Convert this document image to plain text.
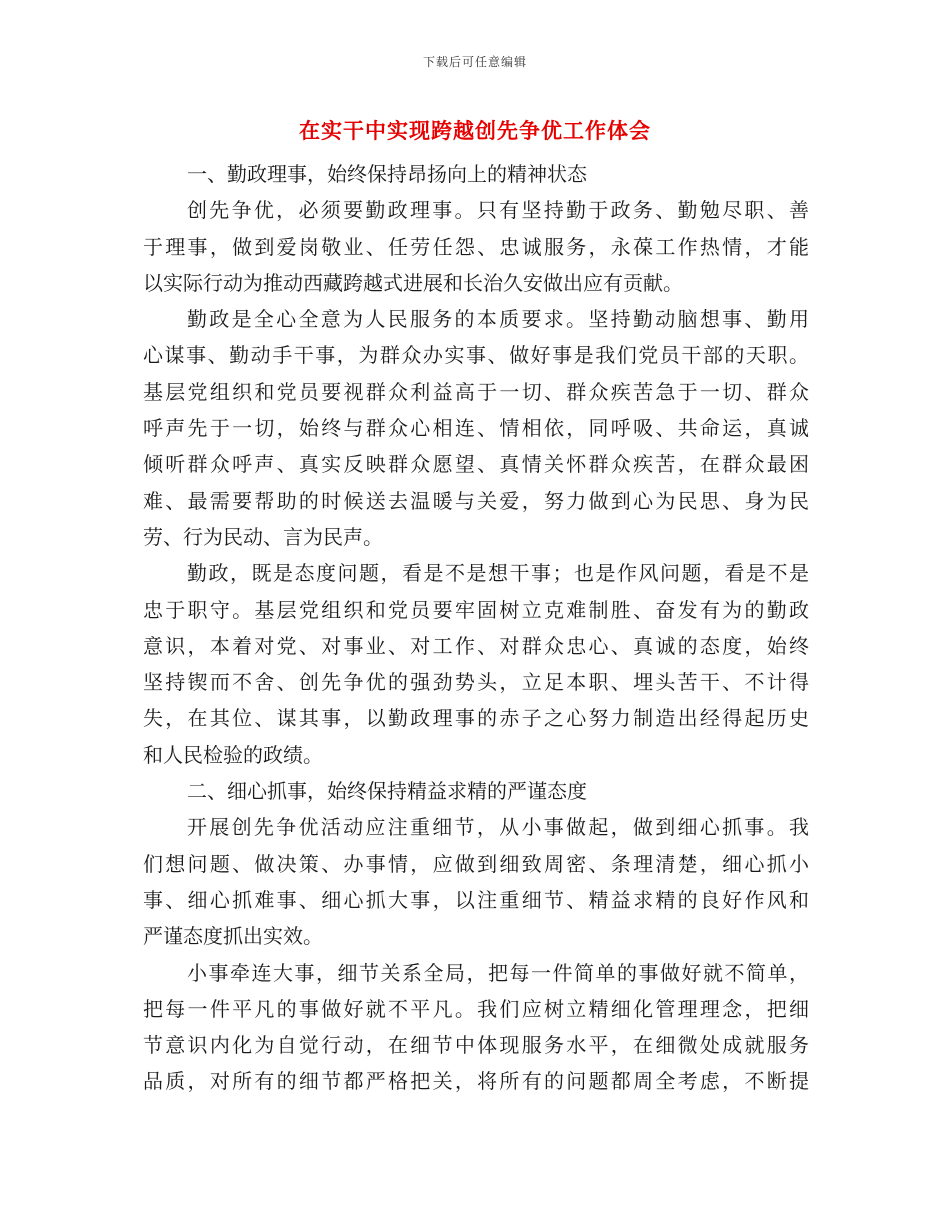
下载后可任意编辑
在实干中实现跨越创先争优工作体会
一、勤政理事，始终保持昂扬向上的精神状态
创先争优，必须要勤政理事。只有坚持勤于政务、勤勉尽职、善
于理事，做到爱岗敬业、任劳任怨、忠诚服务，永葆工作热情，才能
以实际行动为推动西藏跨越式进展和长治久安做出应有贡献。
勤政是全心全意为人民服务的本质要求。坚持勤动脑想事、勤用
心谋事、勤动手干事，为群众办实事、做好事是我们党员干部的天职。
基层党组织和党员要视群众利益高于一切、群众疾苦急于一切、群众
呼声先于一切，始终与群众心相连、情相依，同呼吸、共命运，真诚
倾听群众呼声、真实反映群众愿望、真情关怀群众疾苦，在群众最困
难、最需要帮助的时候送去温暖与关爱，努力做到心为民思、身为民
劳、行为民动、言为民声。
勤政，既是态度问题，看是不是想干事；也是作风问题，看是不是
忠于职守。基层党组织和党员要牢固树立克难制胜、奋发有为的勤政
意识，本着对党、对事业、对工作、对群众忠心、真诚的态度，始终
坚持锲而不舍、创先争优的强劲势头，立足本职、埋头苦干、不计得
失，在其位、谋其事，以勤政理事的赤子之心努力制造出经得起历史
和人民检验的政绩。
二、细心抓事，始终保持精益求精的严谨态度
开展创先争优活动应注重细节，从小事做起，做到细心抓事。我
们想问题、做决策、办事情，应做到细致周密、条理清楚，细心抓小
事、细心抓难事、细心抓大事，以注重细节、精益求精的良好作风和
严谨态度抓出实效。
小事牵连大事，细节关系全局，把每一件简单的事做好就不简单，
把每一件平凡的事做好就不平凡。我们应树立精细化管理理念，把细
节意识内化为自觉行动，在细节中体现服务水平，在细微处成就服务
品质，对所有的细节都严格把关，将所有的问题都周全考虑，不断提
